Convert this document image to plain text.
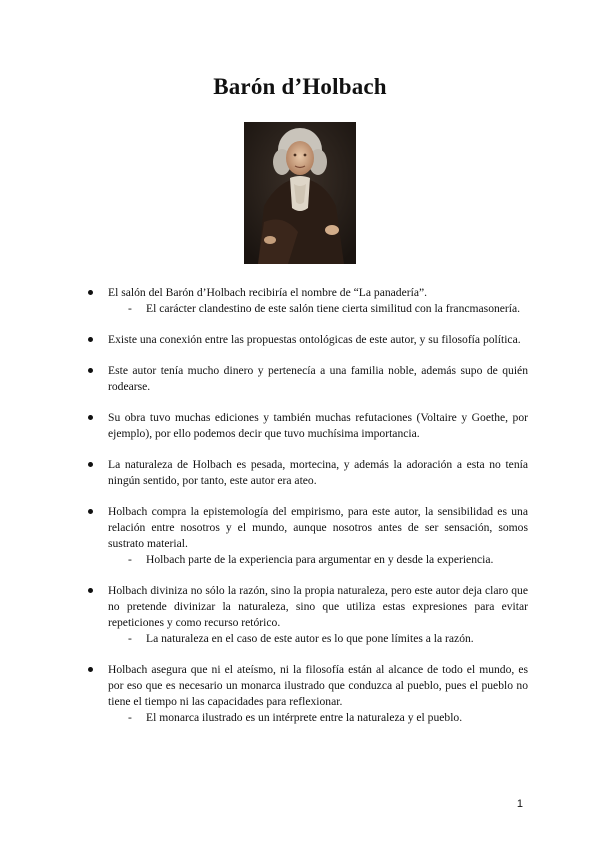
Barón d’Holbach

El salón del Barón d’Holbach recibiría el nombre de “La panadería”.

- El carácter clandestino de este salón tiene cierta similitud con la francmasonería.

Existe una conexión entre las propuestas ontológicas de este autor, y su filosofía política.

Este autor tenía mucho dinero y pertenecía a una familia noble, además supo de quién rodearse.

Su obra tuvo muchas ediciones y también muchas refutaciones (Voltaire y Goethe, por ejemplo), por ello podemos decir que tuvo muchísima importancia.

La naturaleza de Holbach es pesada, mortecina, y además la adoración a esta no tenía ningún sentido, por tanto, este autor era ateo.

Holbach compra la epistemología del empirismo, para este autor, la sensibilidad es una relación entre nosotros y el mundo, aunque nosotros antes de ser sensación, somos sustrato material.

- Holbach parte de la experiencia para argumentar en y desde la experiencia.

Holbach diviniza no sólo la razón, sino la propia naturaleza, pero este autor deja claro que no pretende divinizar la naturaleza, sino que utiliza estas expresiones para evitar repeticiones y como recurso retórico.

- La naturaleza en el caso de este autor es lo que pone límites a la razón.

Holbach asegura que ni el ateísmo, ni la filosofía están al alcance de todo el mundo, es por eso que es necesario un monarca ilustrado que conduzca al pueblo, pues el pueblo no tiene el tiempo ni las capacidades para reflexionar.

- El monarca ilustrado es un intérprete entre la naturaleza y el pueblo.
1
